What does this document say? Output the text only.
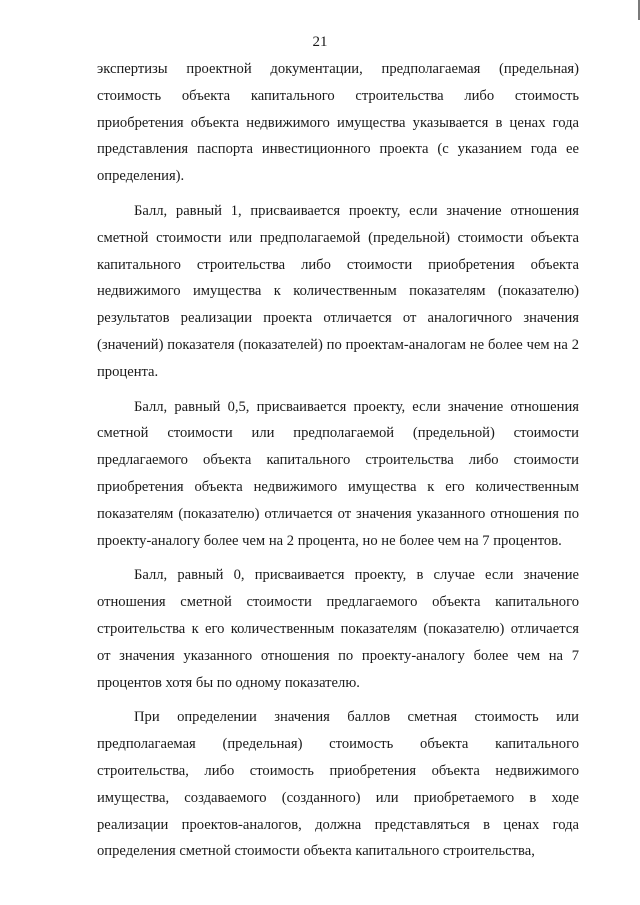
21

экспертизы проектной документации, предполагаемая (предельная) стоимость объекта капитального строительства либо стоимость приобретения объекта недвижимого имущества указывается в ценах года представления паспорта инвестиционного проекта (с указанием года ее определения).

Балл, равный 1, присваивается проекту, если значение отношения сметной стоимости или предполагаемой (предельной) стоимости объекта капитального строительства либо стоимости приобретения объекта недвижимого имущества к количественным показателям (показателю) результатов реализации проекта отличается от аналогичного значения (значений) показателя (показателей) по проектам-аналогам не более чем на 2 процента.

Балл, равный 0,5, присваивается проекту, если значение отношения сметной стоимости или предполагаемой (предельной) стоимости предлагаемого объекта капитального строительства либо стоимости приобретения объекта недвижимого имущества к его количественным показателям (показателю) отличается от значения указанного отношения по проекту-аналогу более чем на 2 процента, но не более чем на 7 процентов.

Балл, равный 0, присваивается проекту, в случае если значение отношения сметной стоимости предлагаемого объекта капитального строительства к его количественным показателям (показателю) отличается от значения указанного отношения по проекту-аналогу более чем на 7 процентов хотя бы по одному показателю.

При определении значения баллов сметная стоимость или предполагаемая (предельная) стоимость объекта капитального строительства, либо стоимость приобретения объекта недвижимого имущества, создаваемого (созданного) или приобретаемого в ходе реализации проектов-аналогов, должна представляться в ценах года определения сметной стоимости объекта капитального строительства,
